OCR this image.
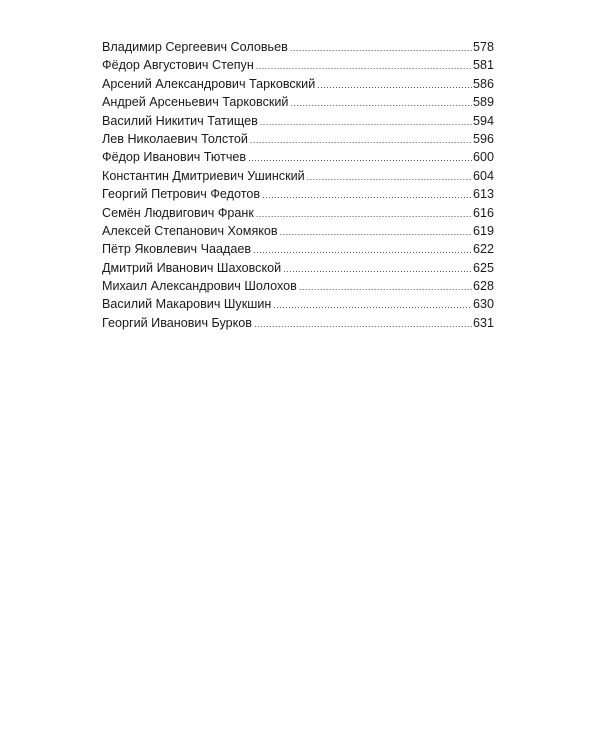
Владимир Сергеевич Соловьев .....	578
Фёдор Августович Степун .....	581
Арсений Александрович Тарковский .....	586
Андрей Арсеньевич Тарковский .....	589
Василий Никитич Татищев .....	594
Лев Николаевич Толстой .....	596
Фёдор Иванович Тютчев .....	600
Константин Дмитриевич Ушинский .....	604
Георгий Петрович Федотов .....	613
Семён Людвигович Франк .....	616
Алексей Степанович Хомяков .....	619
Пётр Яковлевич Чаадаев .....	622
Дмитрий Иванович Шаховской .....	625
Михаил Александрович Шолохов .....	628
Василий Макарович Шукшин .....	630
Георгий Иванович Бурков .....	631
